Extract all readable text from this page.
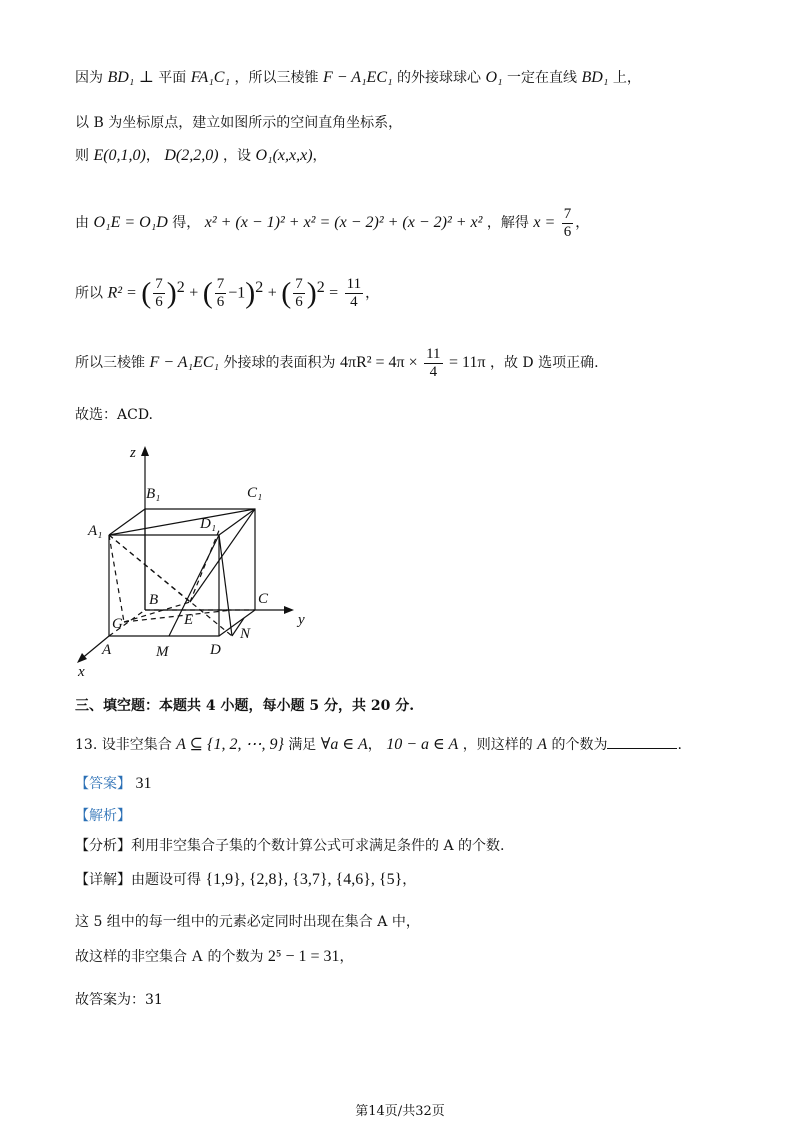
因为 BD₁ ⊥ 平面 FA₁C₁ ，所以三棱锥 F − A₁EC₁ 的外接球球心 O₁ 一定在直线 BD₁ 上，
以 B 为坐标原点，建立如图所示的空间直角坐标系，
则 E(0,1,0)， D(2,2,0) ，设 O₁(x,x,x)，
由 O₁E = O₁D 得， x² + (x − 1)² + x² = (x − 2)² + (x − 2)² + x² ，解得 $x = \frac{7}{6}$ ，
所以 R² = ( $\frac{7}{6} )^2$ + ( $\frac{7}{6} -1)^2$ + ( $\frac{7}{6} )^2 = \frac{11}{4}$ ，
所以三棱锥 F − A₁EC₁ 外接球的表面积为 $4\pi R^2 = 4\pi \times \frac{11}{4} = 11\pi$ ，故 D 选项正确.
故选：ACD.
z
y
x
B₁	C₁
A₁	D₁
B	C
G	E
N
A	M	D
三、填空题：本题共 4 小题，每小题 5 分，共 20 分.
13. 设非空集合 A ⊆ {1, 2, ⋯, 9} 满足 ∀a ∈ A， 10 − a ∈ A ，则这样的 A 的个数为	.
【答案】 31
【解析】
【分析】利用非空集合子集的个数计算公式可求满足条件的 A 的个数.
【详解】由题设可得 {1,9}, {2,8}, {3,7}, {4,6}, {5}，
这 5 组中的每一组中的元素必定同时出现在集合 A 中，
故这样的非空集合 A 的个数为 2⁵ − 1 = 31，
故答案为：31
第14页/共32页
